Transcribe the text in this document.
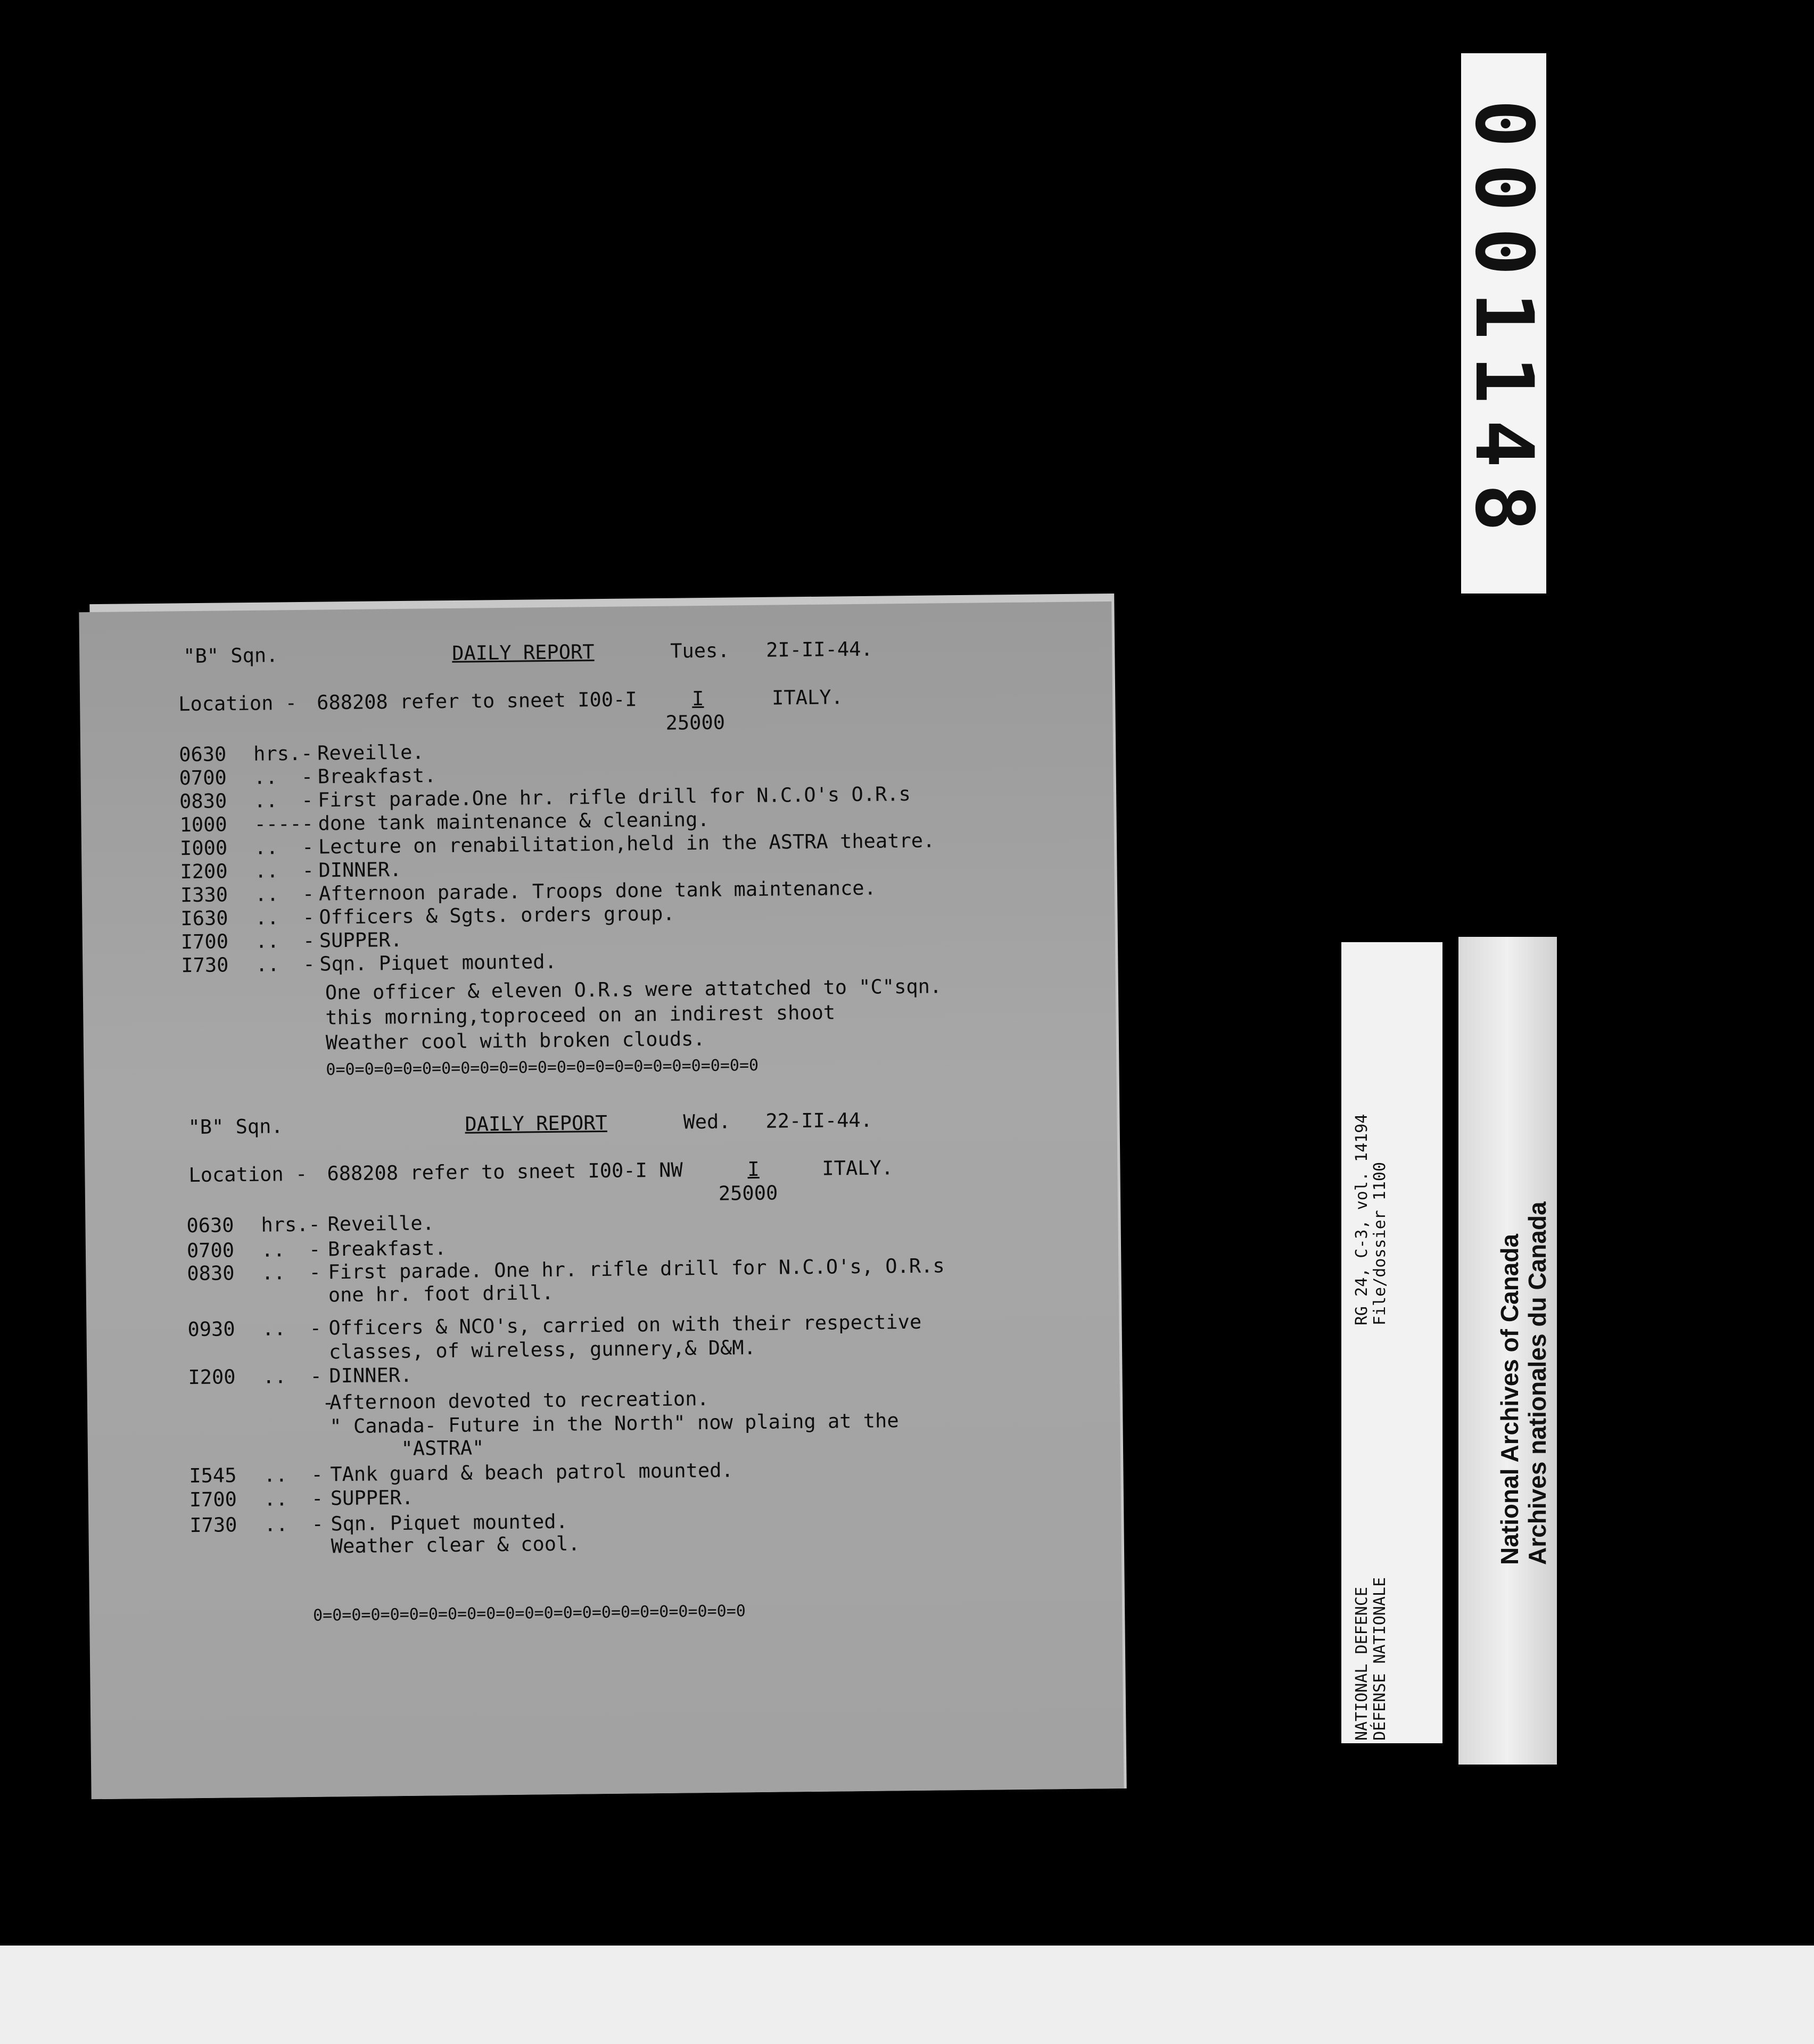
0001148
RG 24, C-3, vol. 14194 File/dossier 1100
NATIONAL DEFENCE DÉFENSE NATIONALE
National Archives of Canada Archives nationales du Canada
"B" Sqn.	DAILY REPORT	Tues. 2I-II-44.
Location - 688208 refer to sneet I00-I	I	ITALY.
25000
0630 hrs.- Reveille.
0700 ..  - Breakfast.
0830 ..  - First parade.One hr. rifle drill for N.C.O's O.R.s
1000 ----- done tank maintenance & cleaning.
I000 ..  - Lecture on renabilitation,held in the ASTRA theatre.
I200 ..  - DINNER.
I330 ..  - Afternoon parade. Troops done tank maintenance.
I630 ..  - Officers & Sgts. orders group.
I700 ..  - SUPPER.
I730 ..  - Sqn. Piquet mounted.
One officer & eleven O.R.s were attatched to "C"sqn.
this morning,toproceed on an indirest shoot
Weather cool with broken clouds.
0=0=0=0=0=0=0=0=0=0=0=0=0=0=0=0=0=0=0=0=0=0=0
"B" Sqn.	DAILY REPORT	Wed. 22-II-44.
Location - 688208 refer to sneet I00-I NW	I	ITALY.
25000
0630 hrs.- Reveille.
0700 ..  - Breakfast.
0830 ..  - First parade. One hr. rifle drill for N.C.O's, O.R.s
one hr. foot drill.
0930 ..  - Officers & NCO's, carried on with their respective
classes, of wireless, gunnery,& D&M.
I200 ..  - DINNER.
-
Afternoon devoted to recreation.
" Canada- Future in the North" now plaing at the
"ASTRA"
I545 ..  - TAnk guard & beach patrol mounted.
I700 ..  - SUPPER.
I730 ..  - Sqn. Piquet mounted.
Weather clear & cool.
0=0=0=0=0=0=0=0=0=0=0=0=0=0=0=0=0=0=0=0=0=0=0
